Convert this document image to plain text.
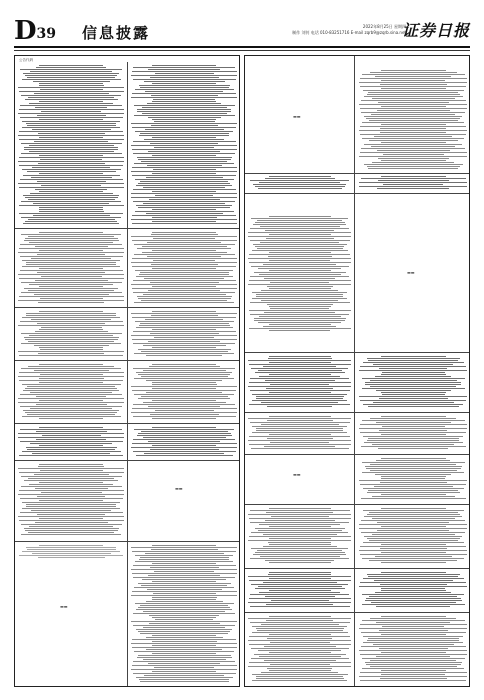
D39 信息披露	2022年8月25日 星期四
制作 刘钊 电话 010-83251716 E-mail zqrb9@zqrb.sina.net
证券日报
公告代码
▬▬
▬▬
▬▬
▬▬
▬▬
